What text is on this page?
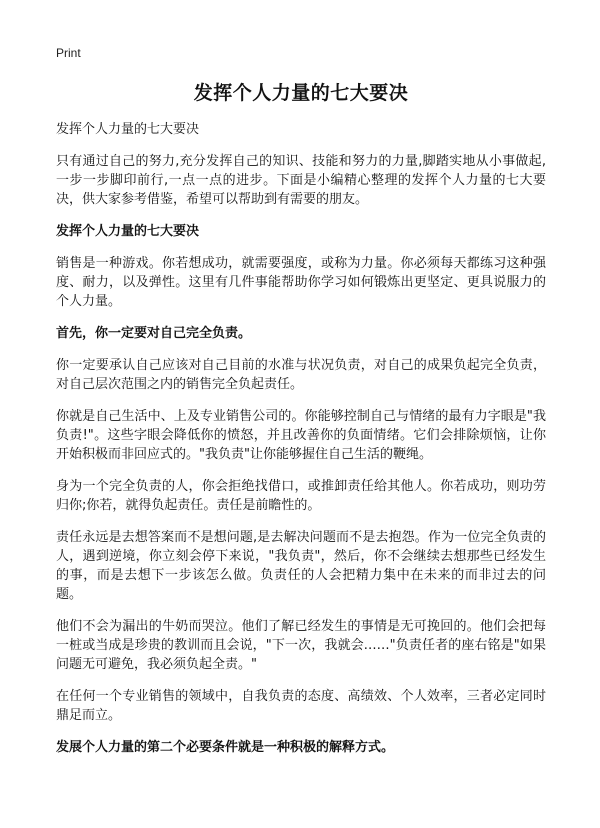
Print
发挥个人力量的七大要决

发挥个人力量的七大要决

只有通过自己的努力,充分发挥自己的知识、技能和努力的力量,脚踏实地从小事做起,一步一步脚印前行,一点一点的进步。下面是小编精心整理的发挥个人力量的七大要决，供大家参考借鉴，希望可以帮助到有需要的朋友。

发挥个人力量的七大要决

销售是一种游戏。你若想成功，就需要强度，或称为力量。你必须每天都练习这种强度、耐力，以及弹性。这里有几件事能帮助你学习如何锻炼出更坚定、更具说服力的个人力量。

首先，你一定要对自己完全负责。

你一定要承认自己应该对自己目前的水准与状况负责，对自己的成果负起完全负责，对自己层次范围之内的销售完全负起责任。

你就是自己生活中、上及专业销售公司的。你能够控制自己与情绪的最有力字眼是"我负责!"。这些字眼会降低你的愤怒，并且改善你的负面情绪。它们会排除烦恼，让你开始积极而非回应式的。"我负责"让你能够握住自己生活的鞭绳。

身为一个完全负责的人，你会拒绝找借口，或推卸责任给其他人。你若成功，则功劳归你;你若，就得负起责任。责任是前瞻性的。

责任永远是去想答案而不是想问题,是去解决问题而不是去抱怨。作为一位完全负责的人，遇到逆境，你立刻会停下来说，"我负责"，然后，你不会继续去想那些已经发生的事，而是去想下一步该怎么做。负责任的人会把精力集中在未来的而非过去的问题。

他们不会为漏出的牛奶而哭泣。他们了解已经发生的事情是无可挽回的。他们会把每一桩或当成是珍贵的教训而且会说，"下一次，我就会……"负责任者的座右铭是"如果问题无可避免，我必须负起全责。"

在任何一个专业销售的领域中，自我负责的态度、高绩效、个人效率，三者必定同时鼎足而立。

发展个人力量的第二个必要条件就是一种积极的解释方式。
